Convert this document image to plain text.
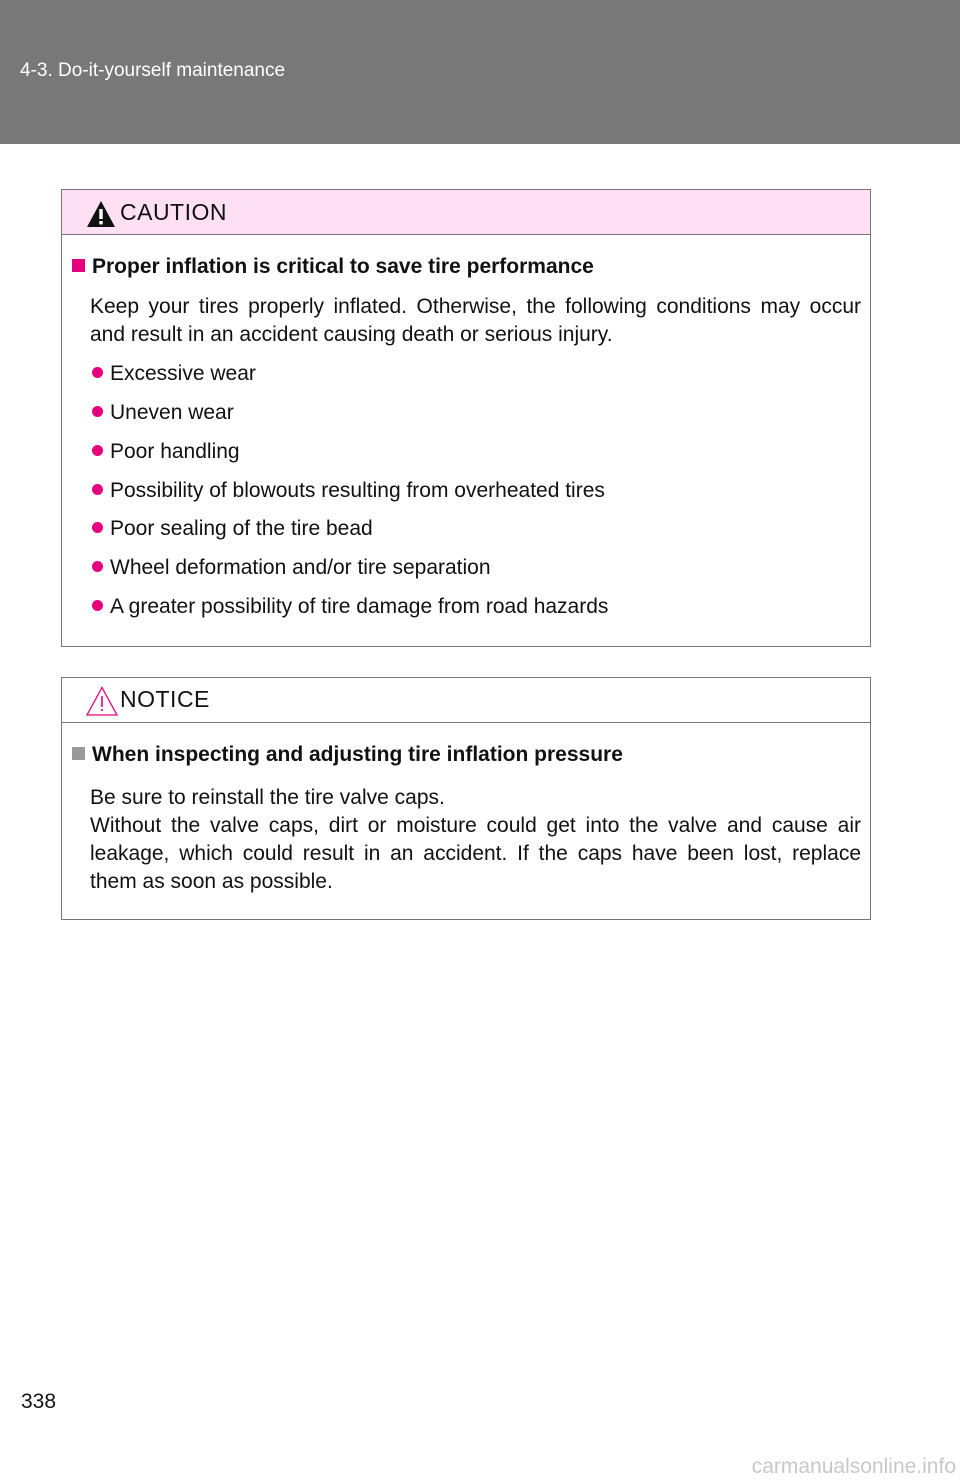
4-3. Do-it-yourself maintenance
CAUTION
Proper inflation is critical to save tire performance
Keep your tires properly inflated. Otherwise, the following conditions may occur and result in an accident causing death or serious injury.
Excessive wear
Uneven wear
Poor handling
Possibility of blowouts resulting from overheated tires
Poor sealing of the tire bead
Wheel deformation and/or tire separation
A greater possibility of tire damage from road hazards
NOTICE
When inspecting and adjusting tire inflation pressure
Be sure to reinstall the tire valve caps.
Without the valve caps, dirt or moisture could get into the valve and cause air leakage, which could result in an accident. If the caps have been lost, replace them as soon as possible.
338
carmanualsonline.info
